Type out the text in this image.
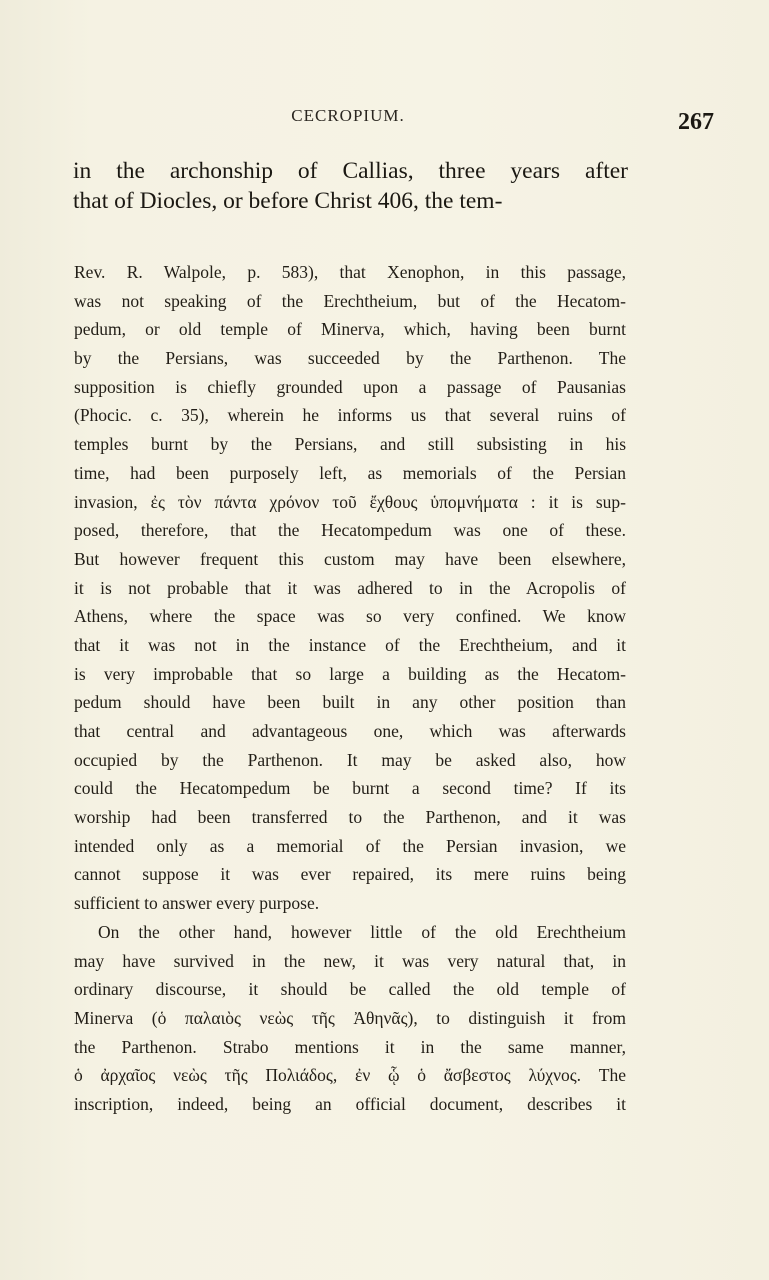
CECROPIUM.	267
in the archonship of Callias, three years after
that of Diocles, or before Christ 406, the tem-
Rev. R. Walpole, p. 583), that Xenophon, in this passage,
was not speaking of the Erechtheium, but of the Hecatom-
pedum, or old temple of Minerva, which, having been burnt
by the Persians, was succeeded by the Parthenon. The
supposition is chiefly grounded upon a passage of Pausanias
(Phocic. c. 35), wherein he informs us that several ruins of
temples burnt by the Persians, and still subsisting in his
time, had been purposely left, as memorials of the Persian
invasion, ἐς τὸν πάντα χρόνον τοῦ ἔχθους ὑπομνήματα : it is sup-
posed, therefore, that the Hecatompedum was one of these.
But however frequent this custom may have been elsewhere,
it is not probable that it was adhered to in the Acropolis of
Athens, where the space was so very confined. We know
that it was not in the instance of the Erechtheium, and it
is very improbable that so large a building as the Hecatom-
pedum should have been built in any other position than
that central and advantageous one, which was afterwards
occupied by the Parthenon. It may be asked also, how
could the Hecatompedum be burnt a second time? If its
worship had been transferred to the Parthenon, and it was
intended only as a memorial of the Persian invasion, we
cannot suppose it was ever repaired, its mere ruins being
sufficient to answer every purpose.
On the other hand, however little of the old Erechtheium
may have survived in the new, it was very natural that, in
ordinary discourse, it should be called the old temple of
Minerva (ὁ παλαιὸς νεὼς τῆς Ἀθηνᾶς), to distinguish it from
the Parthenon. Strabo mentions it in the same manner,
ὁ ἀρχαῖος νεὼς τῆς Πολιάδος, ἐν ᾧ ὁ ἄσβεστος λύχνος. The
inscription, indeed, being an official document, describes it
